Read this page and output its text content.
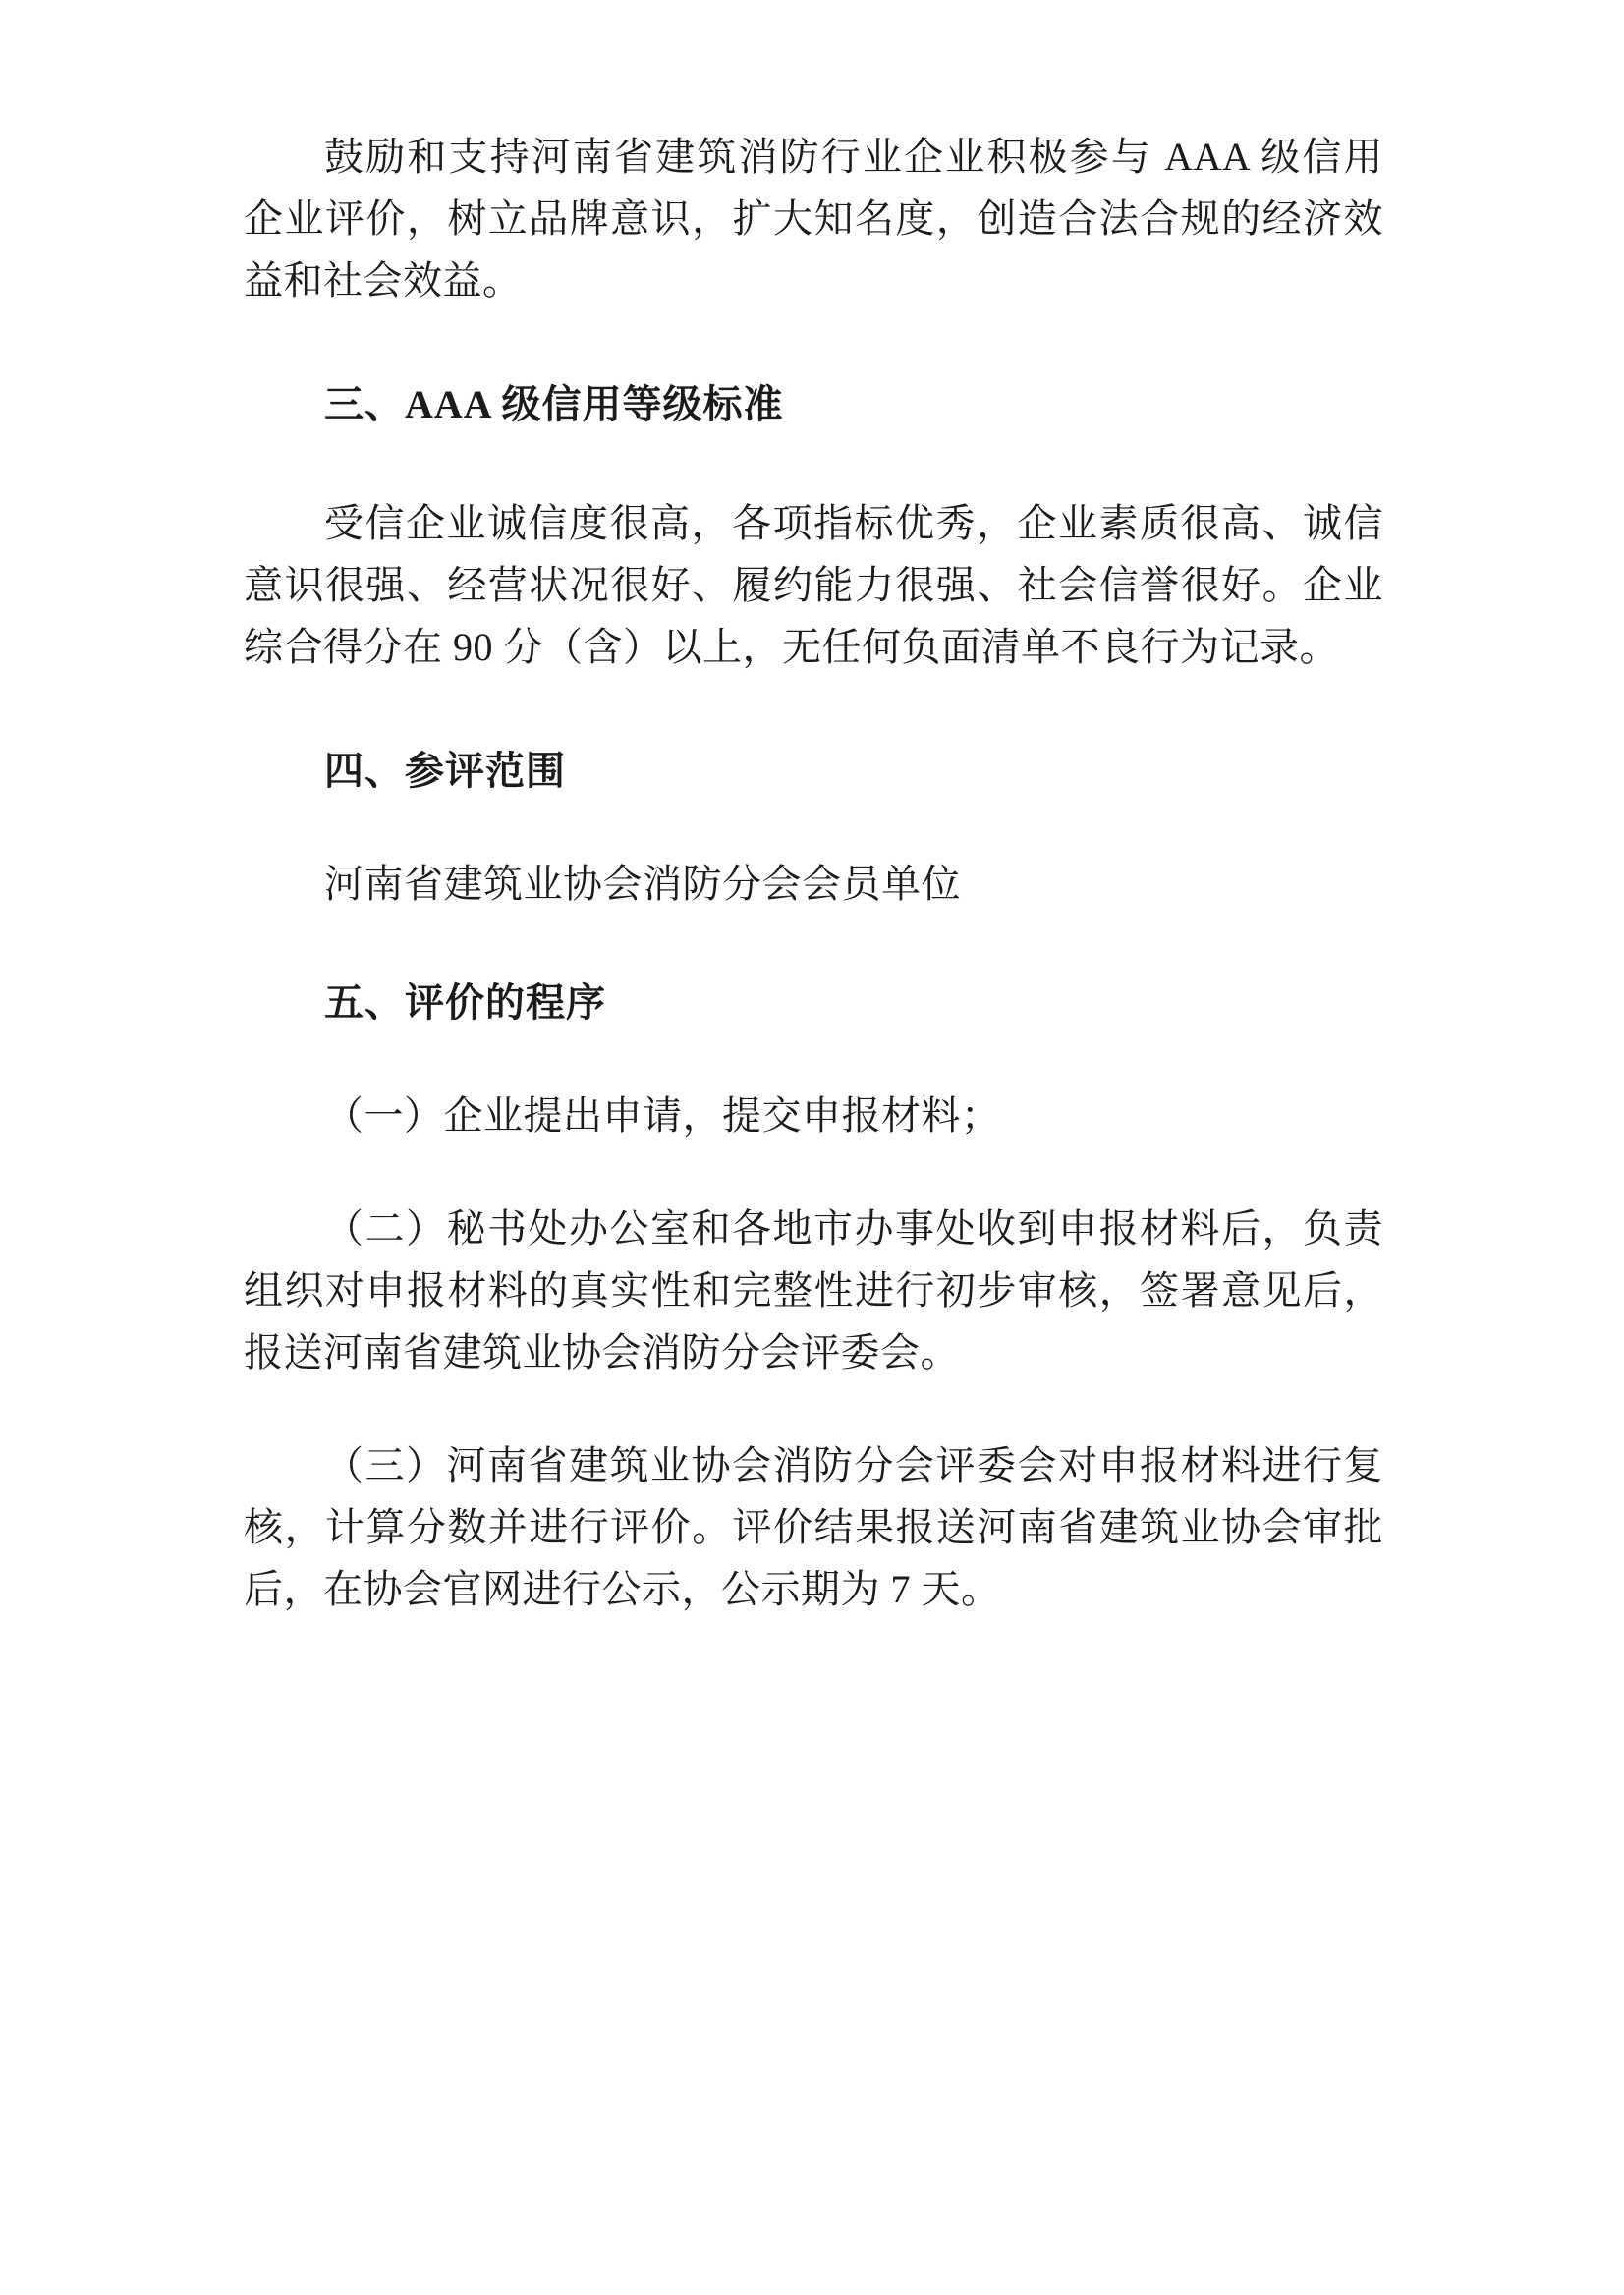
鼓励和支持河南省建筑消防行业企业积极参与 AAA 级信用企业评价，树立品牌意识，扩大知名度，创造合法合规的经济效益和社会效益。

三、AAA 级信用等级标准

受信企业诚信度很高，各项指标优秀，企业素质很高、诚信意识很强、经营状况很好、履约能力很强、社会信誉很好。企业综合得分在 90 分（含）以上，无任何负面清单不良行为记录。

四、参评范围

河南省建筑业协会消防分会会员单位

五、评价的程序

（一）企业提出申请，提交申报材料；

（二）秘书处办公室和各地市办事处收到申报材料后，负责组织对申报材料的真实性和完整性进行初步审核，签署意见后，报送河南省建筑业协会消防分会评委会。

（三）河南省建筑业协会消防分会评委会对申报材料进行复核，计算分数并进行评价。评价结果报送河南省建筑业协会审批后，在协会官网进行公示，公示期为 7 天。
